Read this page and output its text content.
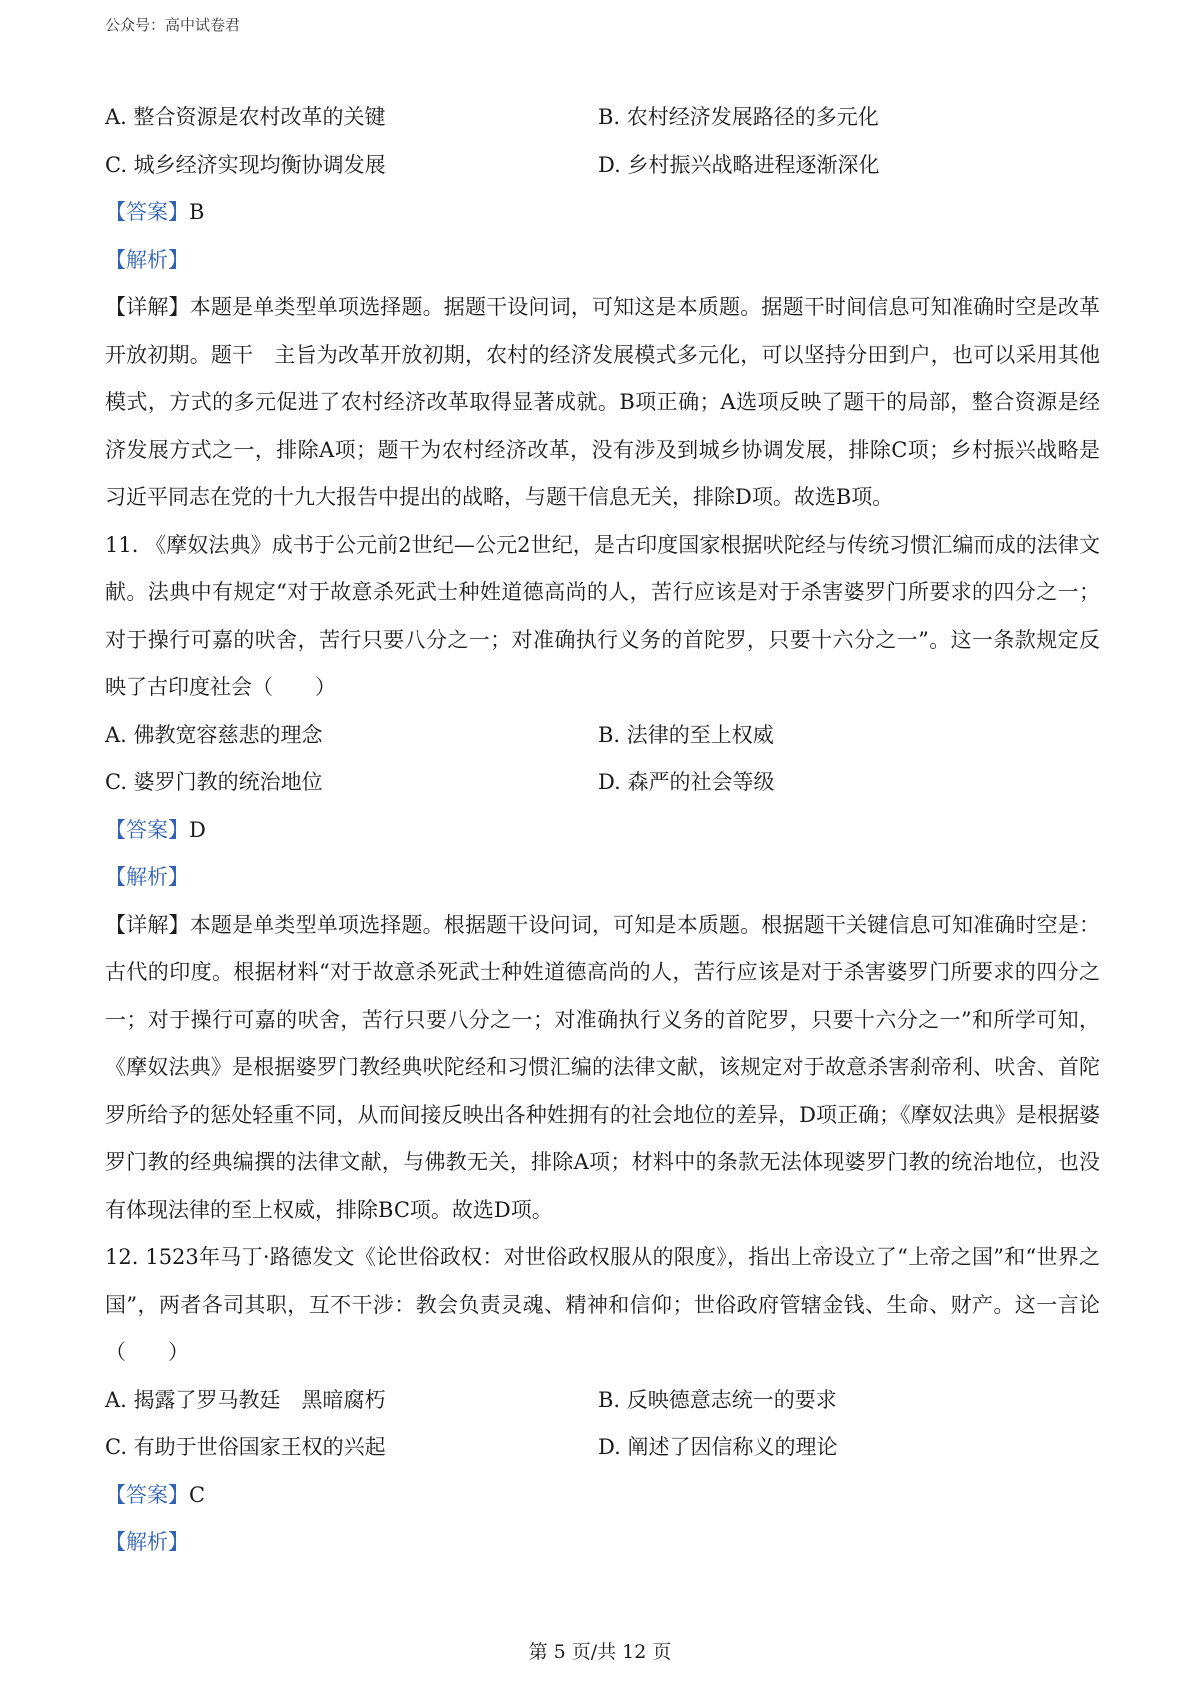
公众号：高中试卷君
A. 整合资源是农村改革的关键	B. 农村经济发展路径的多元化
C. 城乡经济实现均衡协调发展	D. 乡村振兴战略进程逐渐深化
【答案】B
【解析】
【详解】本题是单类型单项选择题。据题干设问词，可知这是本质题。据题干时间信息可知准确时空是改革开放初期。题干　主旨为改革开放初期，农村的经济发展模式多元化，可以坚持分田到户，也可以采用其他模式，方式的多元促进了农村经济改革取得显著成就。B项正确；A选项反映了题干的局部，整合资源是经济发展方式之一，排除A项；题干为农村经济改革，没有涉及到城乡协调发展，排除C项；乡村振兴战略是习近平同志在党的十九大报告中提出的战略，与题干信息无关，排除D项。故选B项。
11. 《摩奴法典》成书于公元前2世纪—公元2世纪，是古印度国家根据吠陀经与传统习惯汇编而成的法律文献。法典中有规定“对于故意杀死武士种姓道德高尚的人，苦行应该是对于杀害婆罗门所要求的四分之一；对于操行可嘉的吠舍，苦行只要八分之一；对准确执行义务的首陀罗，只要十六分之一”。这一条款规定反映了古印度社会（　　）
A. 佛教宽容慈悲的理念	B. 法律的至上权威
C. 婆罗门教的统治地位	D. 森严的社会等级
【答案】D
【解析】
【详解】本题是单类型单项选择题。根据题干设问词，可知是本质题。根据题干关键信息可知准确时空是：古代的印度。根据材料“对于故意杀死武士种姓道德高尚的人，苦行应该是对于杀害婆罗门所要求的四分之一；对于操行可嘉的吠舍，苦行只要八分之一；对准确执行义务的首陀罗，只要十六分之一”和所学可知，《摩奴法典》是根据婆罗门教经典吠陀经和习惯汇编的法律文献，该规定对于故意杀害刹帝利、吠舍、首陀罗所给予的惩处轻重不同，从而间接反映出各种姓拥有的社会地位的差异，D项正确；《摩奴法典》是根据婆罗门教的经典编撰的法律文献，与佛教无关，排除A项；材料中的条款无法体现婆罗门教的统治地位，也没有体现法律的至上权威，排除BC项。故选D项。
12. 1523年马丁·路德发文《论世俗政权：对世俗政权服从的限度》，指出上帝设立了“上帝之国”和“世界之国”，两者各司其职，互不干涉：教会负责灵魂、精神和信仰；世俗政府管辖金钱、生命、财产。这一言论（　　）
A. 揭露了罗马教廷　黑暗腐朽	B. 反映德意志统一的要求
C. 有助于世俗国家王权的兴起	D. 阐述了因信称义的理论
【答案】C
【解析】
第 5 页/共 12 页
